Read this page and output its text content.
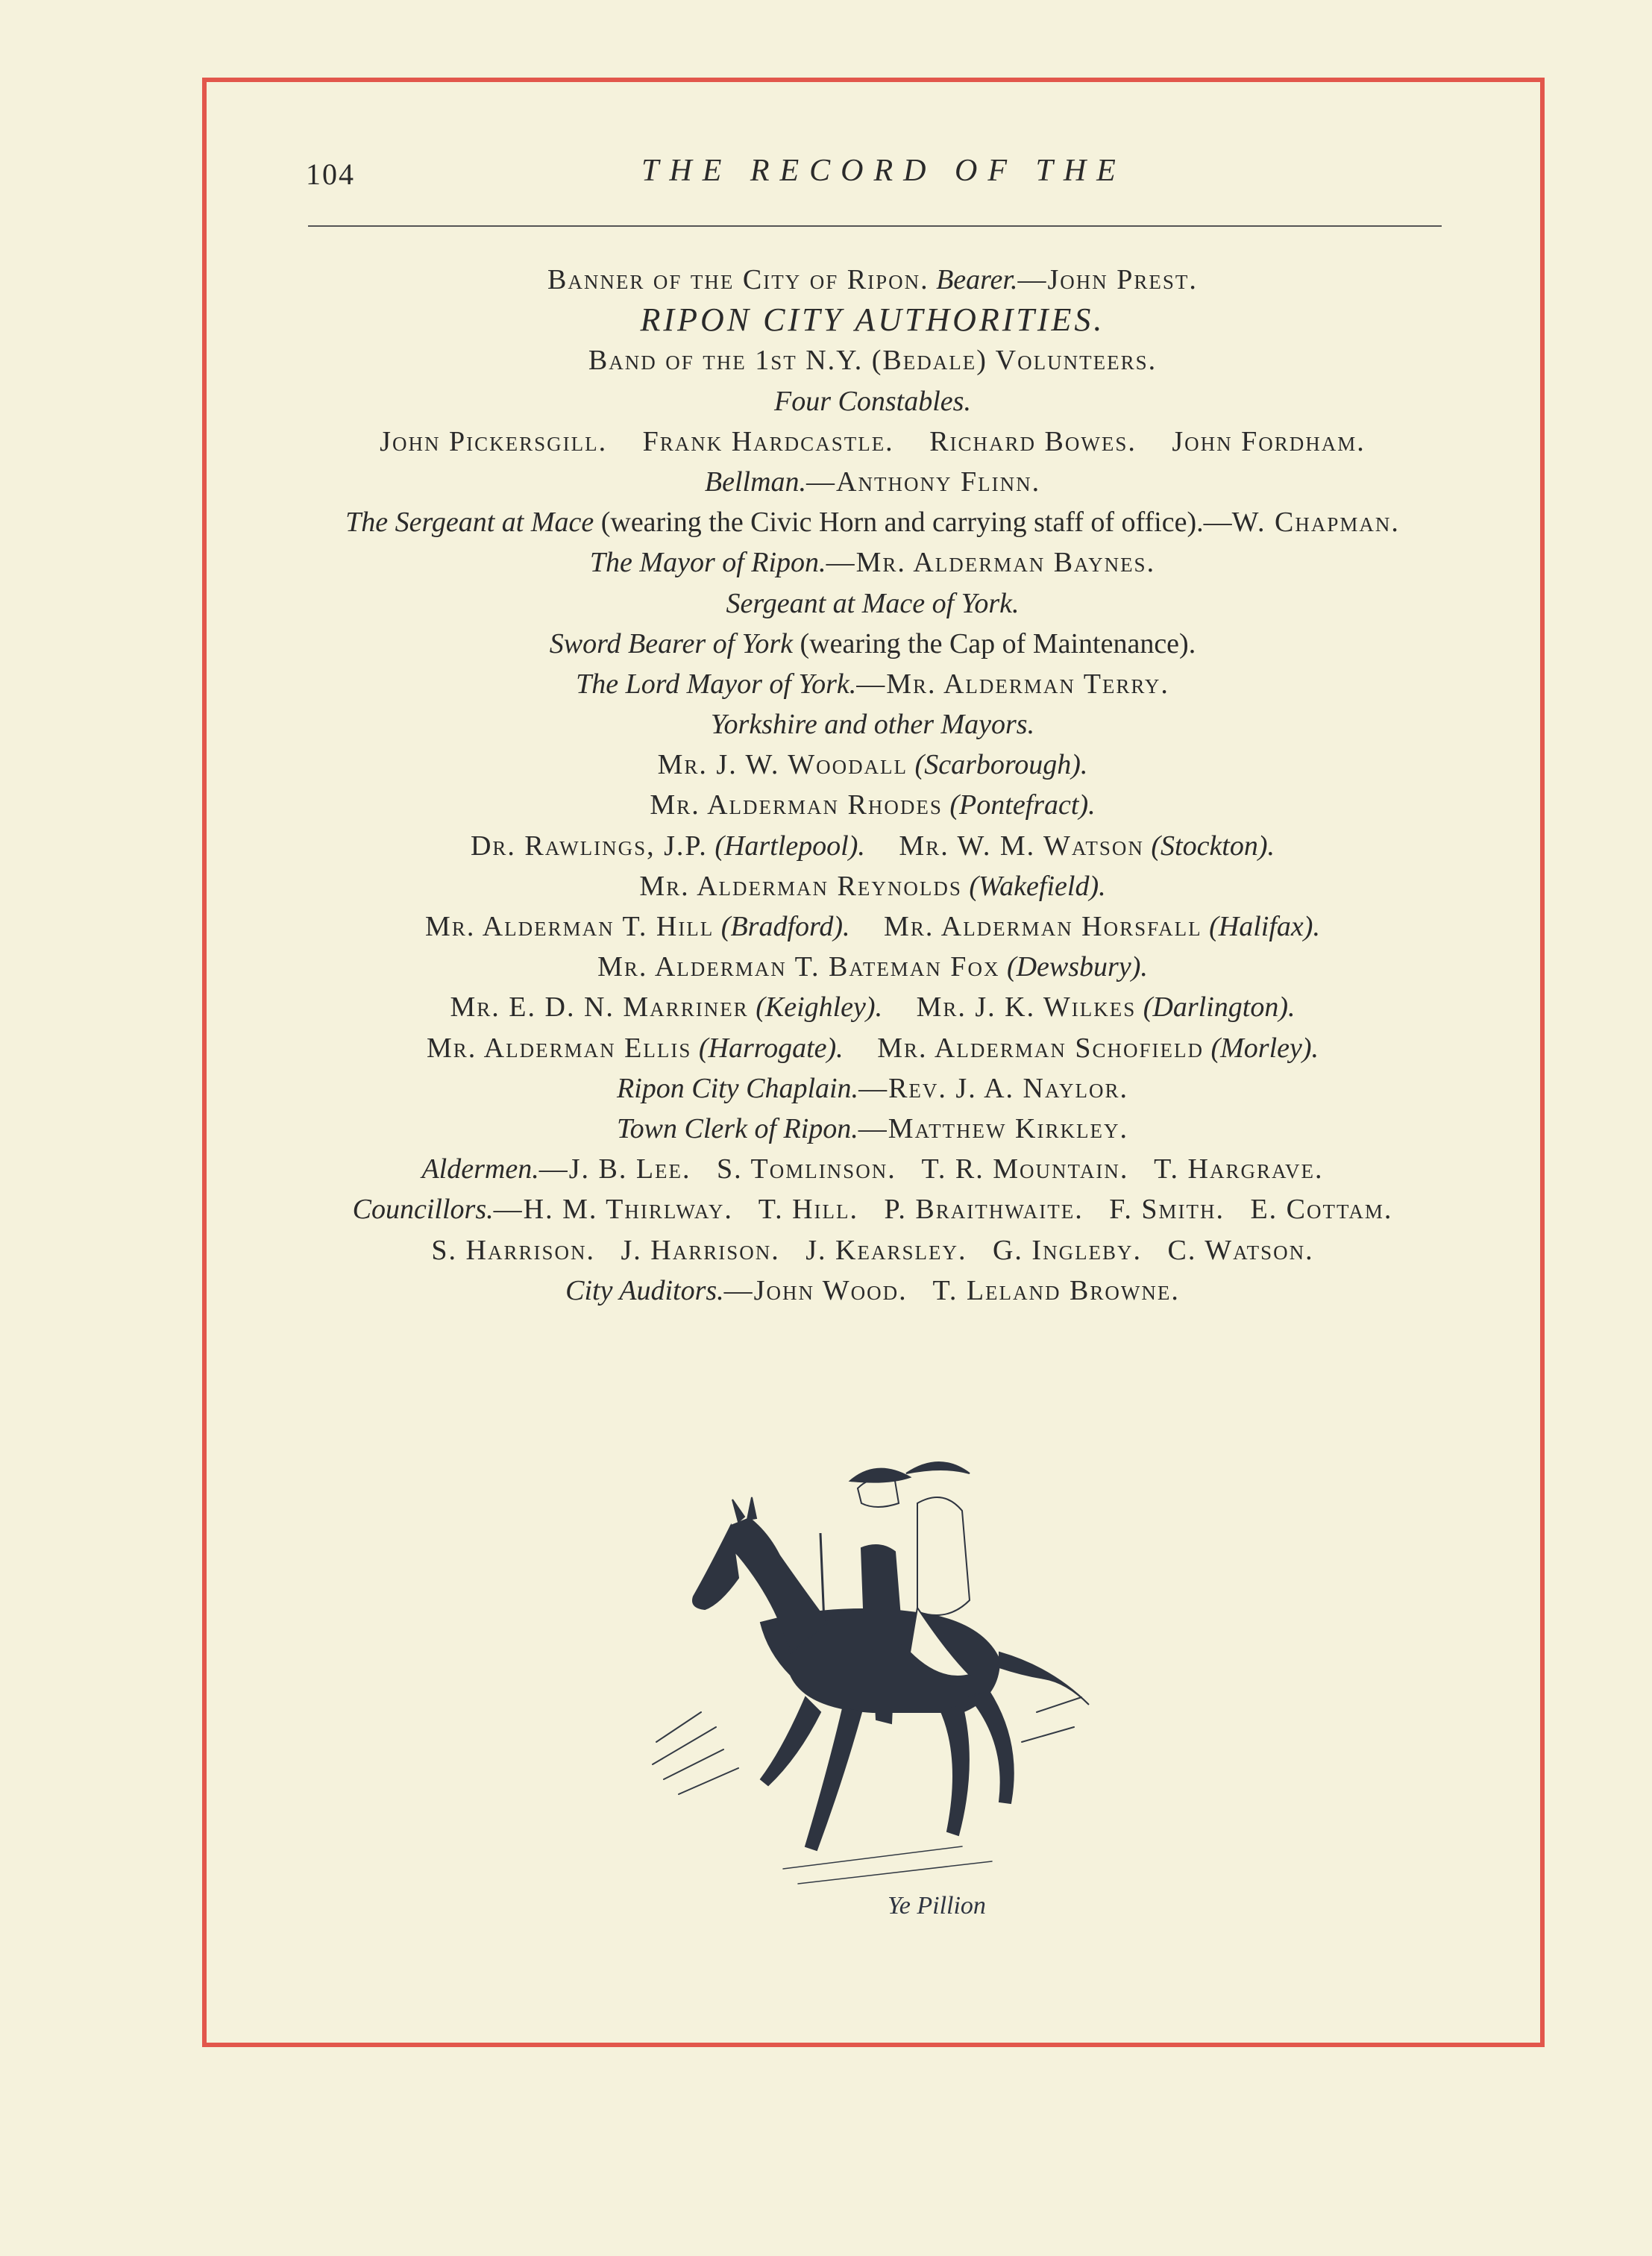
104	THE RECORD OF THE
Banner of the City of Ripon. Bearer.—John Prest.
RIPON CITY AUTHORITIES.
Band of the 1st N.Y. (Bedale) Volunteers.
Four Constables.
John Pickersgill. Frank Hardcastle. Richard Bowes. John Fordham.
Bellman.—Anthony Flinn.
The Sergeant at Mace (wearing the Civic Horn and carrying staff of office).—W. Chapman.
The Mayor of Ripon.—Mr. Alderman Baynes.
Sergeant at Mace of York.
Sword Bearer of York (wearing the Cap of Maintenance).
The Lord Mayor of York.—Mr. Alderman Terry.
Yorkshire and other Mayors.
Mr. J. W. Woodall (Scarborough).
Mr. Alderman Rhodes (Pontefract).
Dr. Rawlings, J.P. (Hartlepool). Mr. W. M. Watson (Stockton).
Mr. Alderman Reynolds (Wakefield).
Mr. Alderman T. Hill (Bradford). Mr. Alderman Horsfall (Halifax).
Mr. Alderman T. Bateman Fox (Dewsbury).
Mr. E. D. N. Marriner (Keighley). Mr. J. K. Wilkes (Darlington).
Mr. Alderman Ellis (Harrogate). Mr. Alderman Schofield (Morley).
Ripon City Chaplain.—Rev. J. A. Naylor.
Town Clerk of Ripon.—Matthew Kirkley.
Aldermen.—J. B. Lee.   S. Tomlinson.   T. R. Mountain.   T. Hargrave.
Councillors.—H. M. Thirlway.   T. Hill.   P. Braithwaite.   F. Smith.   E. Cottam.
S. Harrison.   J. Harrison.   J. Kearsley.   G. Ingleby.   C. Watson.
City Auditors.—John Wood.   T. Leland Browne.
Ye Pillion
